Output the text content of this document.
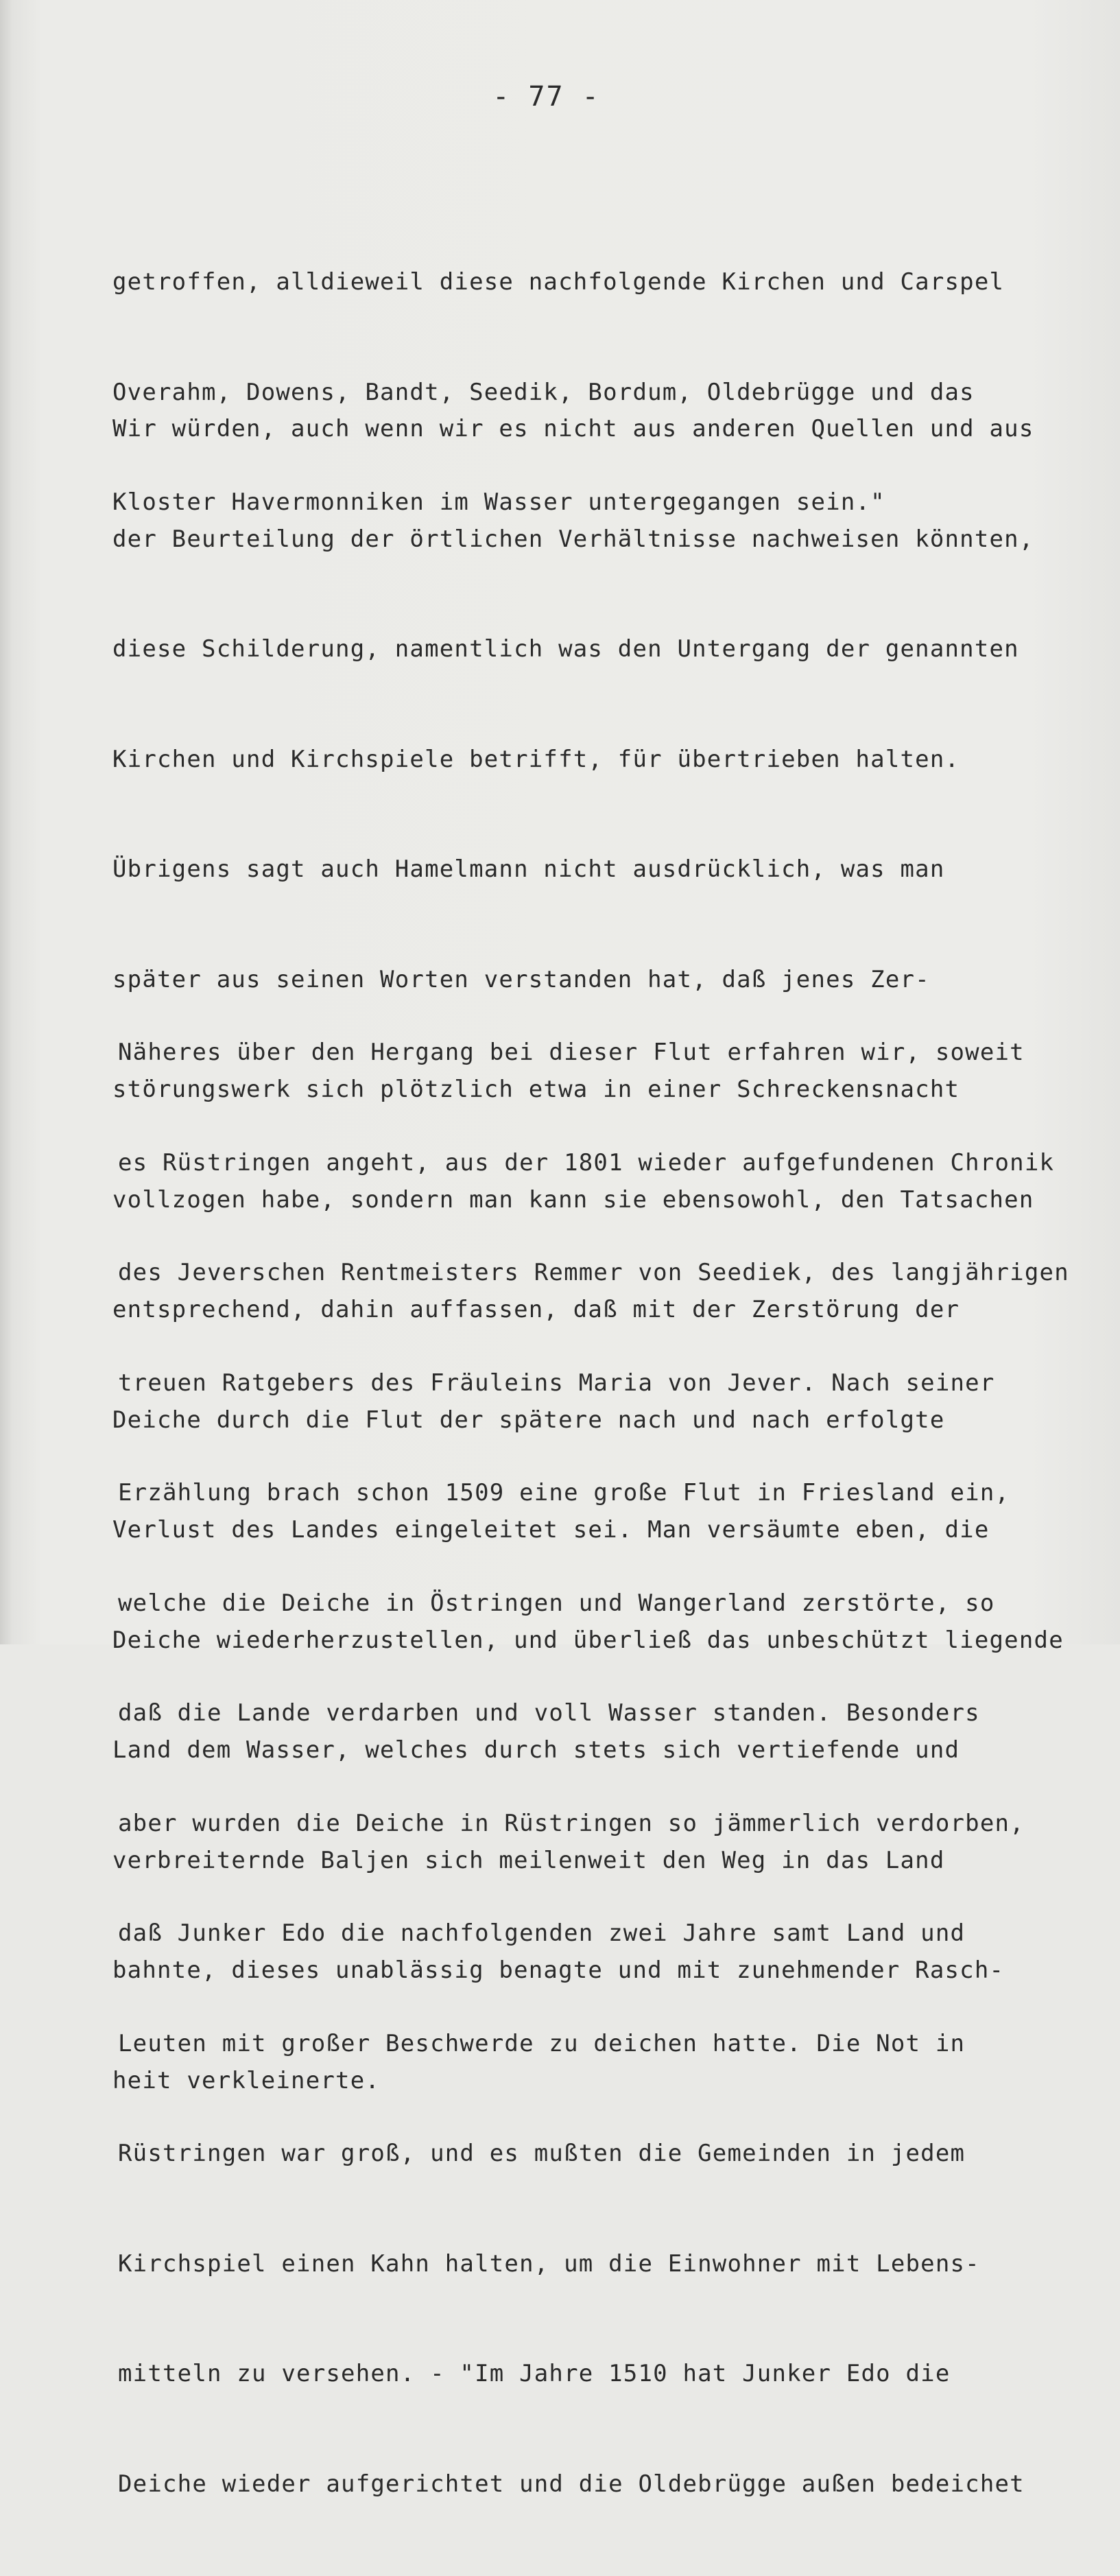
- 77 -

getroffen, alldieweil diese nachfolgende Kirchen und Carspel

Overahm, Dowens, Bandt, Seedik, Bordum, Oldebrügge und das

Kloster Havermonniken im Wasser untergegangen sein."

Wir würden, auch wenn wir es nicht aus anderen Quellen und aus

der Beurteilung der örtlichen Verhältnisse nachweisen könnten,

diese Schilderung, namentlich was den Untergang der genannten

Kirchen und Kirchspiele betrifft, für übertrieben halten.

Übrigens sagt auch Hamelmann nicht ausdrücklich, was man

später aus seinen Worten verstanden hat, daß jenes Zer-

störungswerk sich plötzlich etwa in einer Schreckensnacht

vollzogen habe, sondern man kann sie ebensowohl, den Tatsachen

entsprechend, dahin auffassen, daß mit der Zerstörung der

Deiche durch die Flut der spätere nach und nach erfolgte

Verlust des Landes eingeleitet sei. Man versäumte eben, die

Deiche wiederherzustellen, und überließ das unbeschützt liegende

Land dem Wasser, welches durch stets sich vertiefende und

verbreiternde Baljen sich meilenweit den Weg in das Land

bahnte, dieses unablässig benagte und mit zunehmender Rasch-

heit verkleinerte.

Näheres über den Hergang bei dieser Flut erfahren wir, soweit

es Rüstringen angeht, aus der 1801 wieder aufgefundenen Chronik

des Jeverschen Rentmeisters Remmer von Seediek, des langjährigen

treuen Ratgebers des Fräuleins Maria von Jever. Nach seiner

Erzählung brach schon 1509 eine große Flut in Friesland ein,

welche die Deiche in Östringen und Wangerland zerstörte, so

daß die Lande verdarben und voll Wasser standen. Besonders

aber wurden die Deiche in Rüstringen so jämmerlich verdorben,

daß Junker Edo die nachfolgenden zwei Jahre samt Land und

Leuten mit großer Beschwerde zu deichen hatte. Die Not in

Rüstringen war groß, und es mußten die Gemeinden in jedem

Kirchspiel einen Kahn halten, um die Einwohner mit Lebens-

mitteln zu versehen. - "Im Jahre 1510 hat Junker Edo die

Deiche wieder aufgerichtet und die Oldebrügge außen bedeichet
